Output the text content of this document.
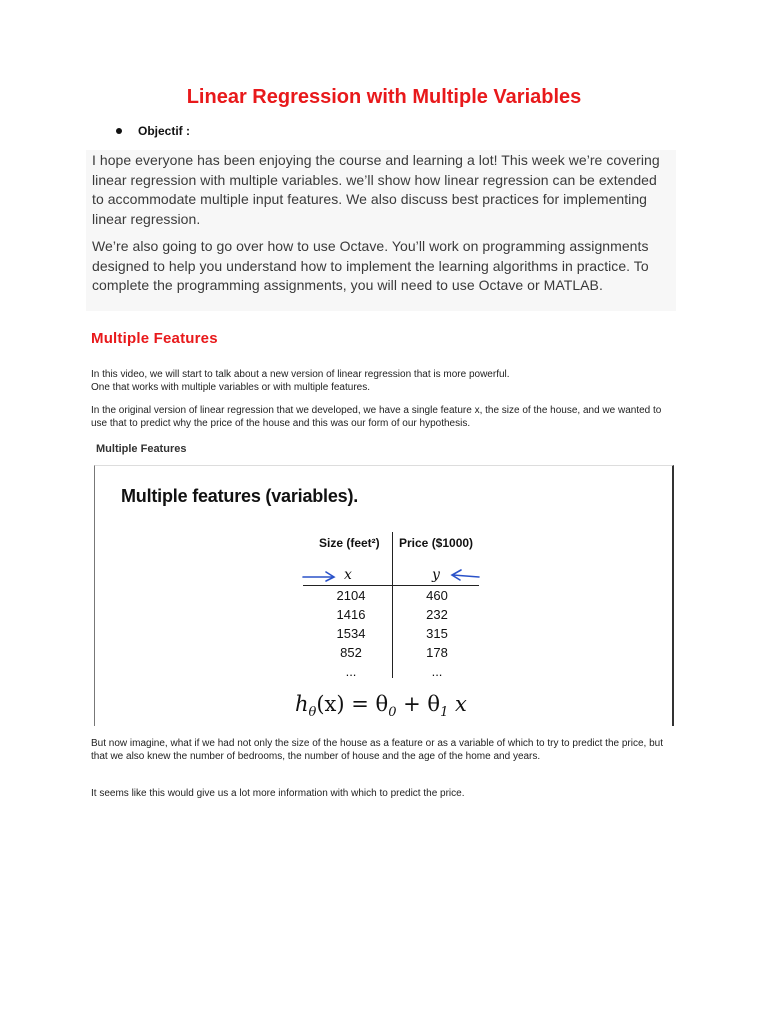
Linear Regression with Multiple Variables
Objectif :

I hope everyone has been enjoying the course and learning a lot! This week we’re covering linear regression with multiple variables. we’ll show how linear regression can be extended to accommodate multiple input features. We also discuss best practices for implementing linear regression.

We’re also going to go over how to use Octave. You’ll work on programming assignments designed to help you understand how to implement the learning algorithms in practice. To complete the programming assignments, you will need to use Octave or MATLAB.

Multiple Features
In this video, we will start to talk about a new version of linear regression that is more powerful.
One that works with multiple variables or with multiple features.
In the original version of linear regression that we developed, we have a single feature x, the size of the house, and we wanted to use that to predict why the price of the house and this was our form of our hypothesis.
Multiple Features
Multiple features (variables).
Size (feet²) Price ($1000)
x	y
2104	460
1416	232
1534	315
852	178
...	...
$h_\theta(x) = \theta_0 + \theta_1$ x
But now imagine, what if we had not only the size of the house as a feature or as a variable of which to try to predict the price, but that we also knew the number of bedrooms, the number of house and the age of the home and years.
It seems like this would give us a lot more information with which to predict the price.
